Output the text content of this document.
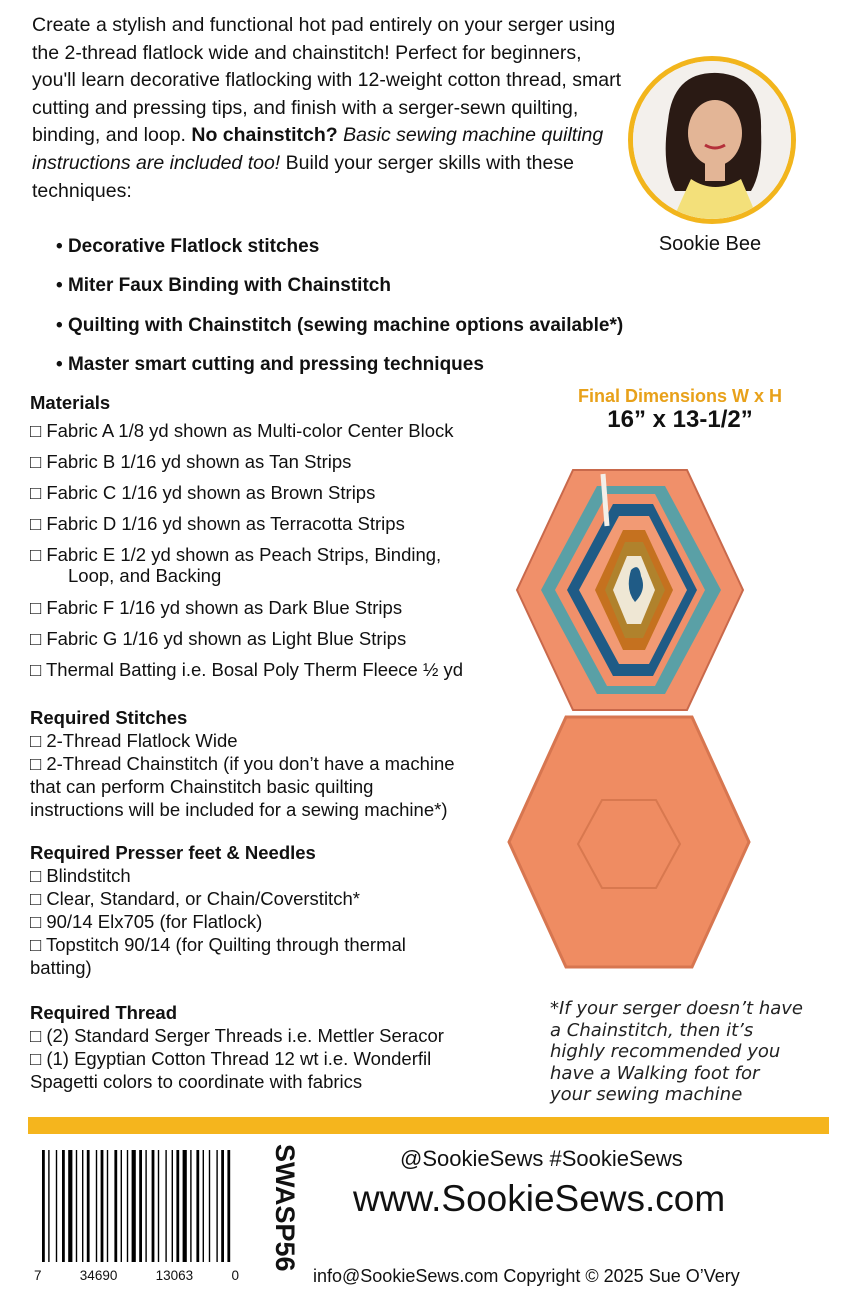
Create a stylish and functional hot pad entirely on your serger using the 2-thread flatlock wide and chainstitch! Perfect for beginners, you'll learn decorative flatlocking with 12-weight cotton thread, smart cutting and pressing tips, and finish with a serger-sewn quilting, binding, and loop. No chainstitch? Basic sewing machine quilting instructions are included too! Build your serger skills with these techniques:
• Decorative Flatlock stitches
• Miter Faux Binding with Chainstitch
• Quilting with Chainstitch (sewing machine options available*)
• Master smart cutting and pressing techniques
Sookie Bee
Materials
□ Fabric A 1/8 yd shown as Multi-color Center Block
□ Fabric B 1/16 yd shown as Tan Strips
□ Fabric C 1/16 yd shown as Brown Strips
□ Fabric D 1/16 yd shown as Terracotta Strips
□ Fabric E 1/2 yd shown as Peach Strips, Binding,
Loop, and Backing
□ Fabric F 1/16 yd shown as Dark Blue Strips
□ Fabric G 1/16 yd shown as Light Blue Strips
□ Thermal Batting i.e. Bosal Poly Therm Fleece ½ yd
Final Dimensions W x H
16” x 13-1/2”
Required Stitches
□ 2-Thread Flatlock Wide
□ 2-Thread Chainstitch (if you don’t have a machine
that can perform Chainstitch basic quilting
instructions will be included for a sewing machine*)
Required Presser feet & Needles
□ Blindstitch
□ Clear, Standard, or Chain/Coverstitch*
□ 90/14 Elx705 (for Flatlock)
□ Topstitch 90/14 (for Quilting through thermal
batting)
Required Thread
□ (2) Standard Serger Threads i.e. Mettler Seracor
□ (1) Egyptian Cotton Thread 12 wt i.e. Wonderfil
Spagetti colors to coordinate with fabrics
*If your serger doesn’t have
a Chainstitch, then it’s
highly recommended you
have a Walking foot for
your sewing machine
7	34690	13063	0
SWASP56	@SookieSews #SookieSews
www.SookieSews.com
info@SookieSews.com Copyright © 2025 Sue O’Very
